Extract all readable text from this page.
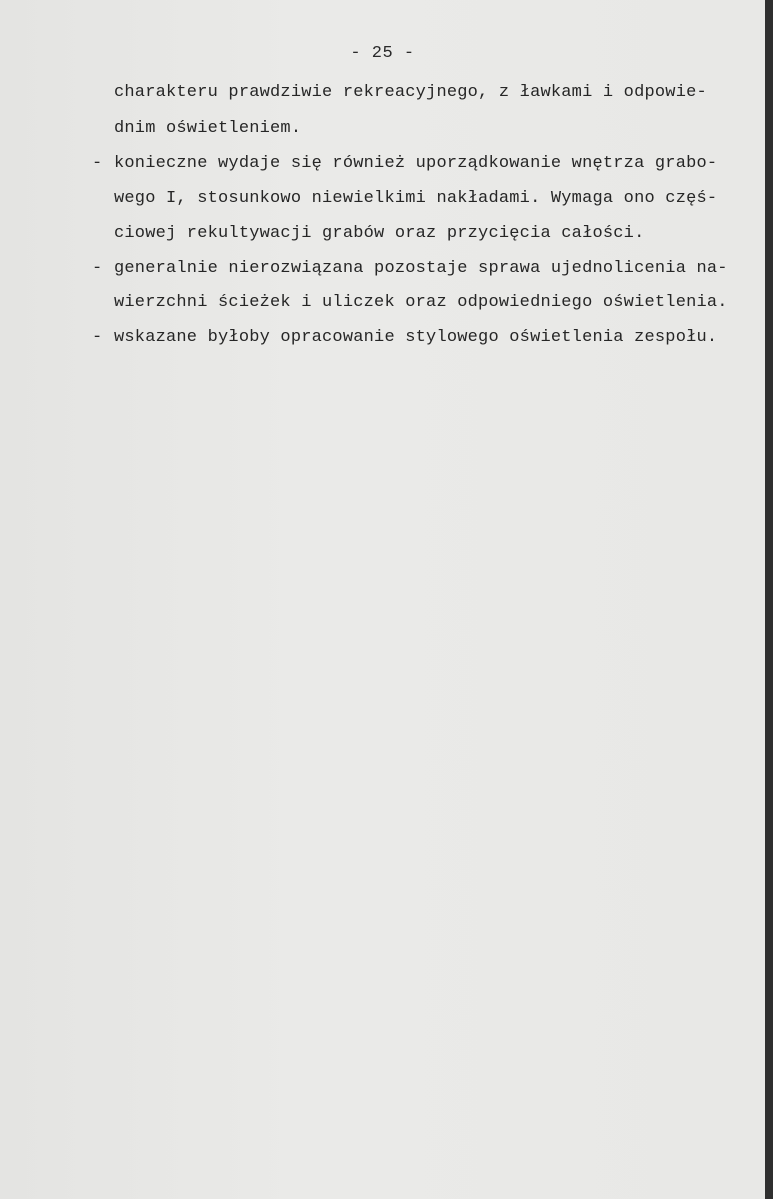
- 25 -
charakteru prawdziwie rekreacyjnego, z ławkami i odpowie-
dnim oświetleniem.
- konieczne wydaje się również uporządkowanie wnętrza grabo-
wego I, stosunkowo niewielkimi nakładami. Wymaga ono częś-
ciowej rekultywacji grabów oraz przycięcia całości.
- generalnie nierozwiązana pozostaje sprawa ujednolicenia na-
wierzchni ścieżek i uliczek oraz odpowiedniego oświetlenia.
- wskazane byłoby opracowanie stylowego oświetlenia zespołu.
